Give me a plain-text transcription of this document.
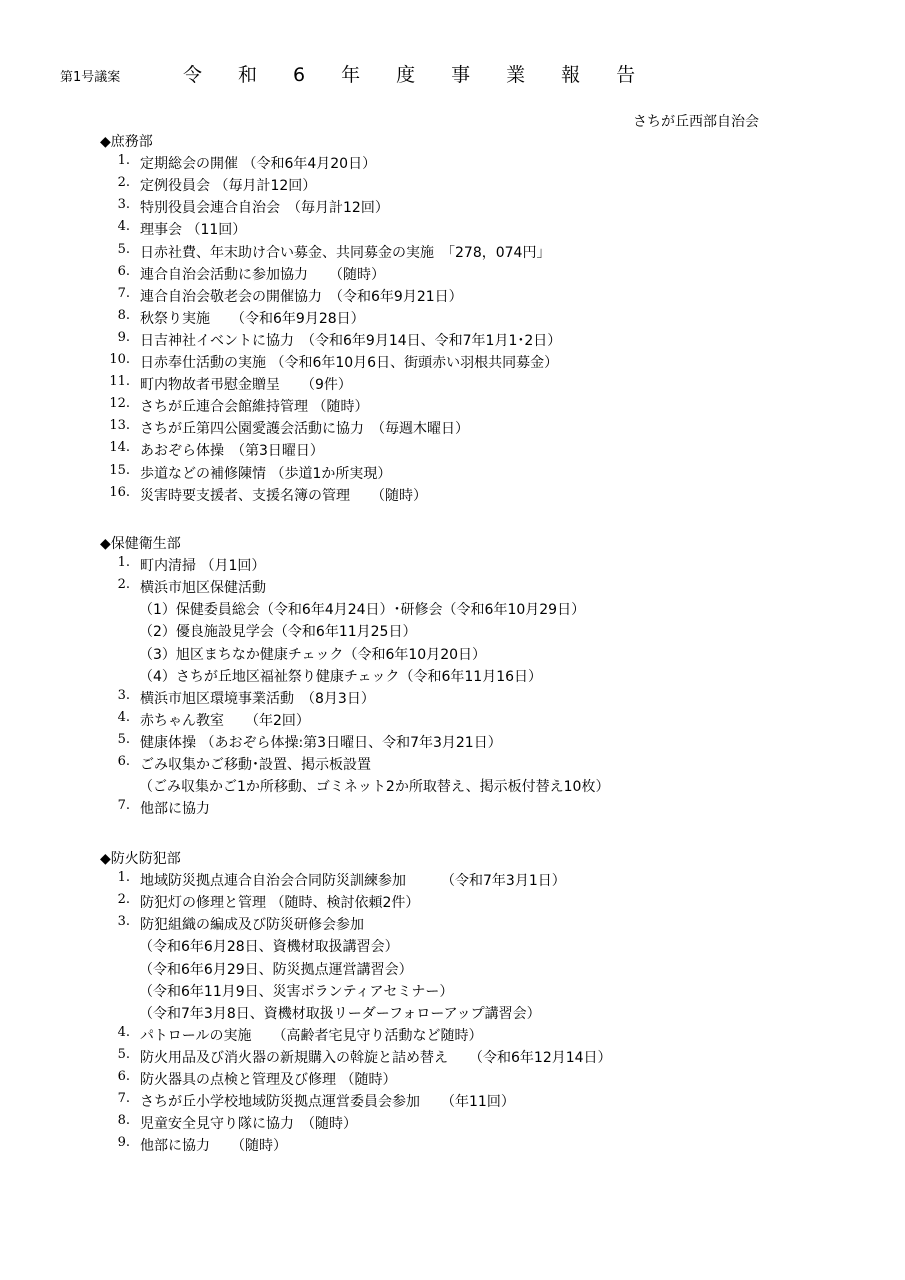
第1号議案	令和6年度事業報告
さちが丘西部自治会
◆庶務部
1. 定期総会の開催 （令和6年4月20日）
2. 定例役員会 （毎月計12回）
3. 特別役員会連合自治会　（毎月計12回）
4. 理事会 （11回）
5. 日赤社費、年末助け合い募金、共同募金の実施　「278，074円」
6. 連合自治会活動に参加協力　　（随時）
7. 連合自治会敬老会の開催協力　（令和6年9月21日）
8. 秋祭り実施　　（令和6年9月28日）
9. 日吉神社イベントに協力　（令和6年9月14日、令和7年1月1･2日）
10. 日赤奉仕活動の実施 （令和6年10月6日、街頭赤い羽根共同募金）
11. 町内物故者弔慰金贈呈　　（9件）
12. さちが丘連合会館維持管理 （随時）
13. さちが丘第四公園愛護会活動に協力　（毎週木曜日）
14. あおぞら体操　（第3日曜日）
15. 歩道などの補修陳情 （歩道1か所実現）
16. 災害時要支援者、支援名簿の管理　　（随時）
◆保健衛生部
1. 町内清掃 （月1回）
2. 横浜市旭区保健活動
（1）保健委員総会（令和6年4月24日）･研修会（令和6年10月29日）
（2）優良施設見学会（令和6年11月25日）
（3）旭区まちなか健康チェック（令和6年10月20日）
（4）さちが丘地区福祉祭り健康チェック（令和6年11月16日）
3. 横浜市旭区環境事業活動　（8月3日）
4. 赤ちゃん教室　　（年2回）
5. 健康体操 （あおぞら体操:第3日曜日、令和7年3月21日）
6. ごみ収集かご移動･設置、掲示板設置
（ごみ収集かご1か所移動、ゴミネット2か所取替え、掲示板付替え10枚）
7. 他部に協力
◆防火防犯部
1. 地域防災拠点連合自治会合同防災訓練参加　　　（令和7年3月1日）
2. 防犯灯の修理と管理 （随時、検討依頼2件）
3. 防犯組織の編成及び防災研修会参加
（令和6年6月28日、資機材取扱講習会）
（令和6年6月29日、防災拠点運営講習会）
（令和6年11月9日、災害ボランティアセミナー）
（令和7年3月8日、資機材取扱リーダーフォローアップ講習会）
4. パトロールの実施　　（高齢者宅見守り活動など随時）
5. 防火用品及び消火器の新規購入の斡旋と詰め替え　　（令和6年12月14日）
6. 防火器具の点検と管理及び修理 （随時）
7. さちが丘小学校地域防災拠点運営委員会参加　　（年11回）
8. 児童安全見守り隊に協力　（随時）
9. 他部に協力　　（随時）
